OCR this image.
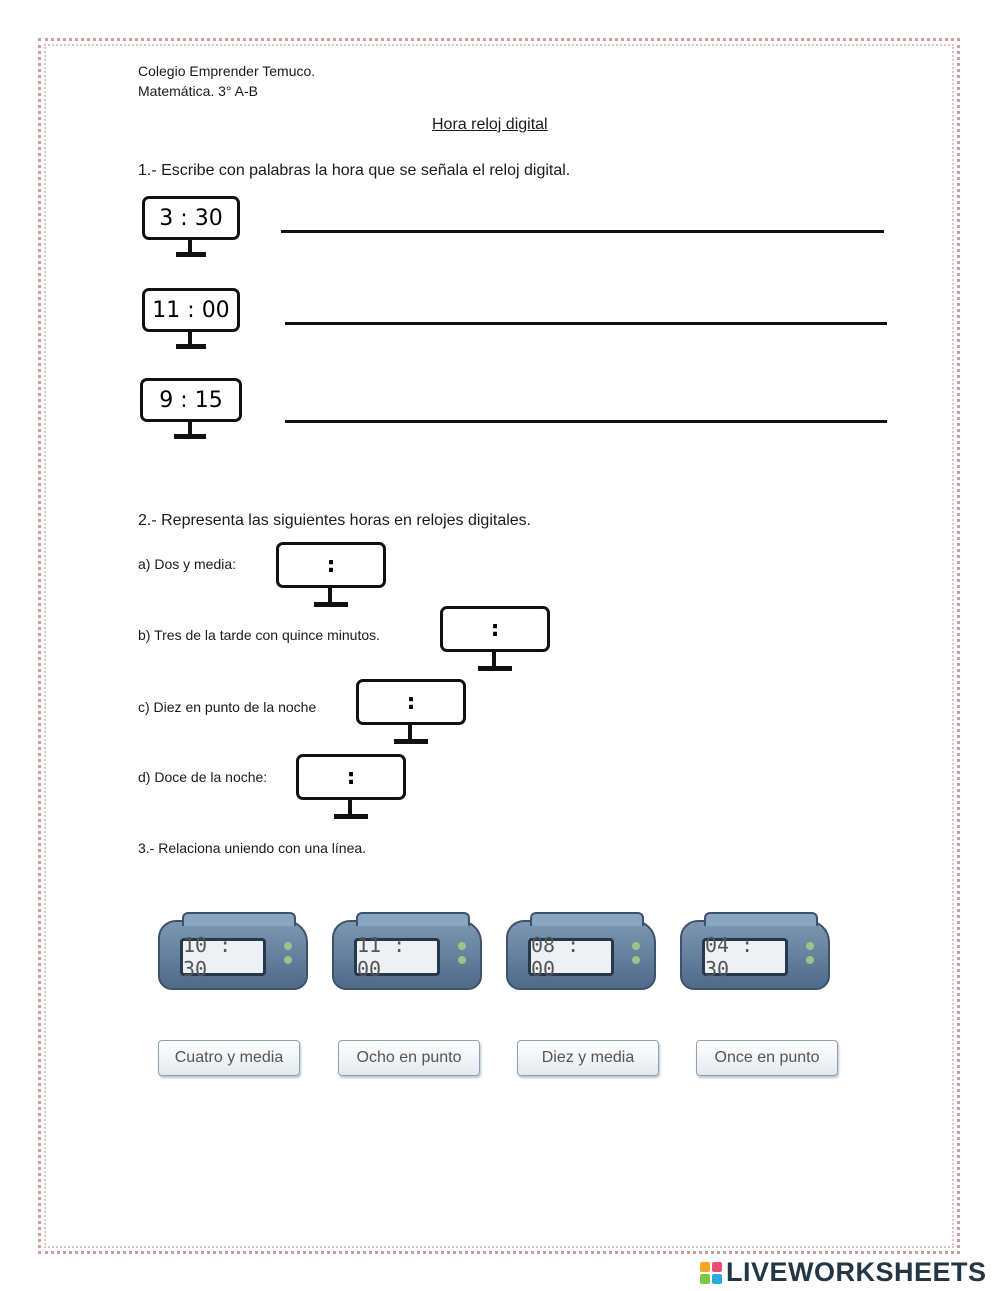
Colegio Emprender Temuco.
Matemática. 3° A-B
Hora reloj digital
1.- Escribe con palabras la hora que se señala el reloj digital.
3 : 30
11 : 00
9 : 15
2.- Representa las siguientes horas en relojes digitales.
a) Dos y media:	:
b) Tres de la tarde con quince minutos.	:
c) Diez en punto de la noche	:
d) Doce de la noche:	:
3.- Relaciona uniendo con una línea.
10 : 30
11 : 00
08 : 00
04 : 30
Cuatro y media	Ocho en punto	Diez y media	Once en punto
LIVEWORKSHEETS
